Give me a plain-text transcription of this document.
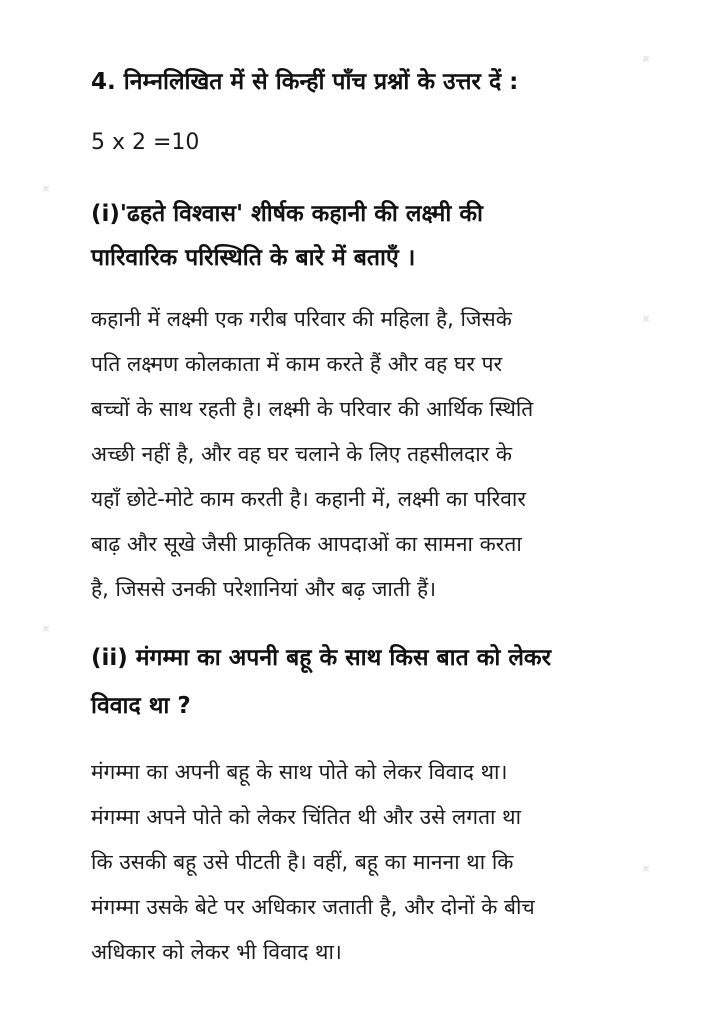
✦
✦
✦
✦
✦
4. निम्नलिखित में से किन्हीं पाँच प्रश्नों के उत्तर दें :
5 x 2 =10
(i)'ढहते विश्वास' शीर्षक कहानी की लक्ष्मी की
पारिवारिक परिस्थिति के बारे में बताएँ ।
कहानी में लक्ष्मी एक गरीब परिवार की महिला है, जिसके
पति लक्ष्मण कोलकाता में काम करते हैं और वह घर पर
बच्चों के साथ रहती है। लक्ष्मी के परिवार की आर्थिक स्थिति
अच्छी नहीं है, और वह घर चलाने के लिए तहसीलदार के
यहाँ छोटे-मोटे काम करती है। कहानी में, लक्ष्मी का परिवार
बाढ़ और सूखे जैसी प्राकृतिक आपदाओं का सामना करता
है, जिससे उनकी परेशानियां और बढ़ जाती हैं।
(ii) मंगम्मा का अपनी बहू के साथ किस बात को लेकर
विवाद था ?
मंगम्मा का अपनी बहू के साथ पोते को लेकर विवाद था।
मंगम्मा अपने पोते को लेकर चिंतित थी और उसे लगता था
कि उसकी बहू उसे पीटती है। वहीं, बहू का मानना था कि
मंगम्मा उसके बेटे पर अधिकार जताती है, और दोनों के बीच
अधिकार को लेकर भी विवाद था।
